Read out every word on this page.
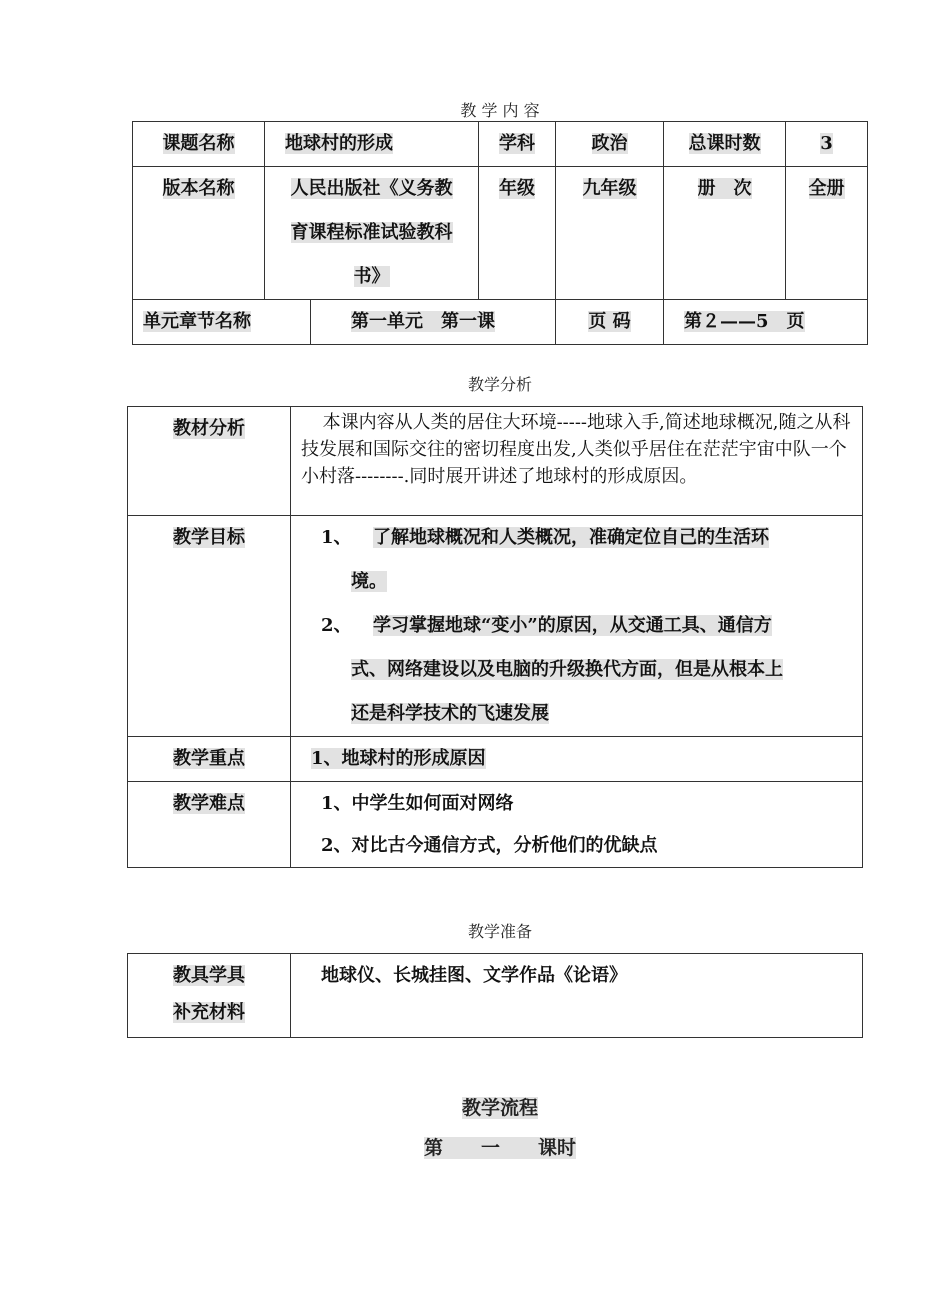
教 学 内 容
课题名称	地球村的形成		学科	政治	总课时数	3
版本名称	人民出版社《义务教
育课程标准试验教科
书》		年级	九年级	册　次	全册
单元章节名称		第一单元　第一课		页 码	第２——5　页	
教学分析
教材分析	本课内容从人类的居住大环境-----地球入手,简述地球概况,随之从科技发展和国际交往的密切程度出发,人类似乎居住在茫茫宇宙中队一个小村落--------.同时展开讲述了地球村的形成原因。

教学目标	1、 了解地球概况和人类概况，准确定位自己的生活环
境。
2、 学习掌握地球“变小”的原因，从交通工具、通信方
式、网络建设以及电脑的升级换代方面，但是从根本上
还是科学技术的飞速发展

教学重点	1、地球村的形成原因
教学难点	1、中学生如何面对网络
2、对比古今通信方式，分析他们的优缺点
教学准备
教具学具
补充材料
	地球仪、长城挂图、文学作品《论语》
教学流程
第　　一　　课时
